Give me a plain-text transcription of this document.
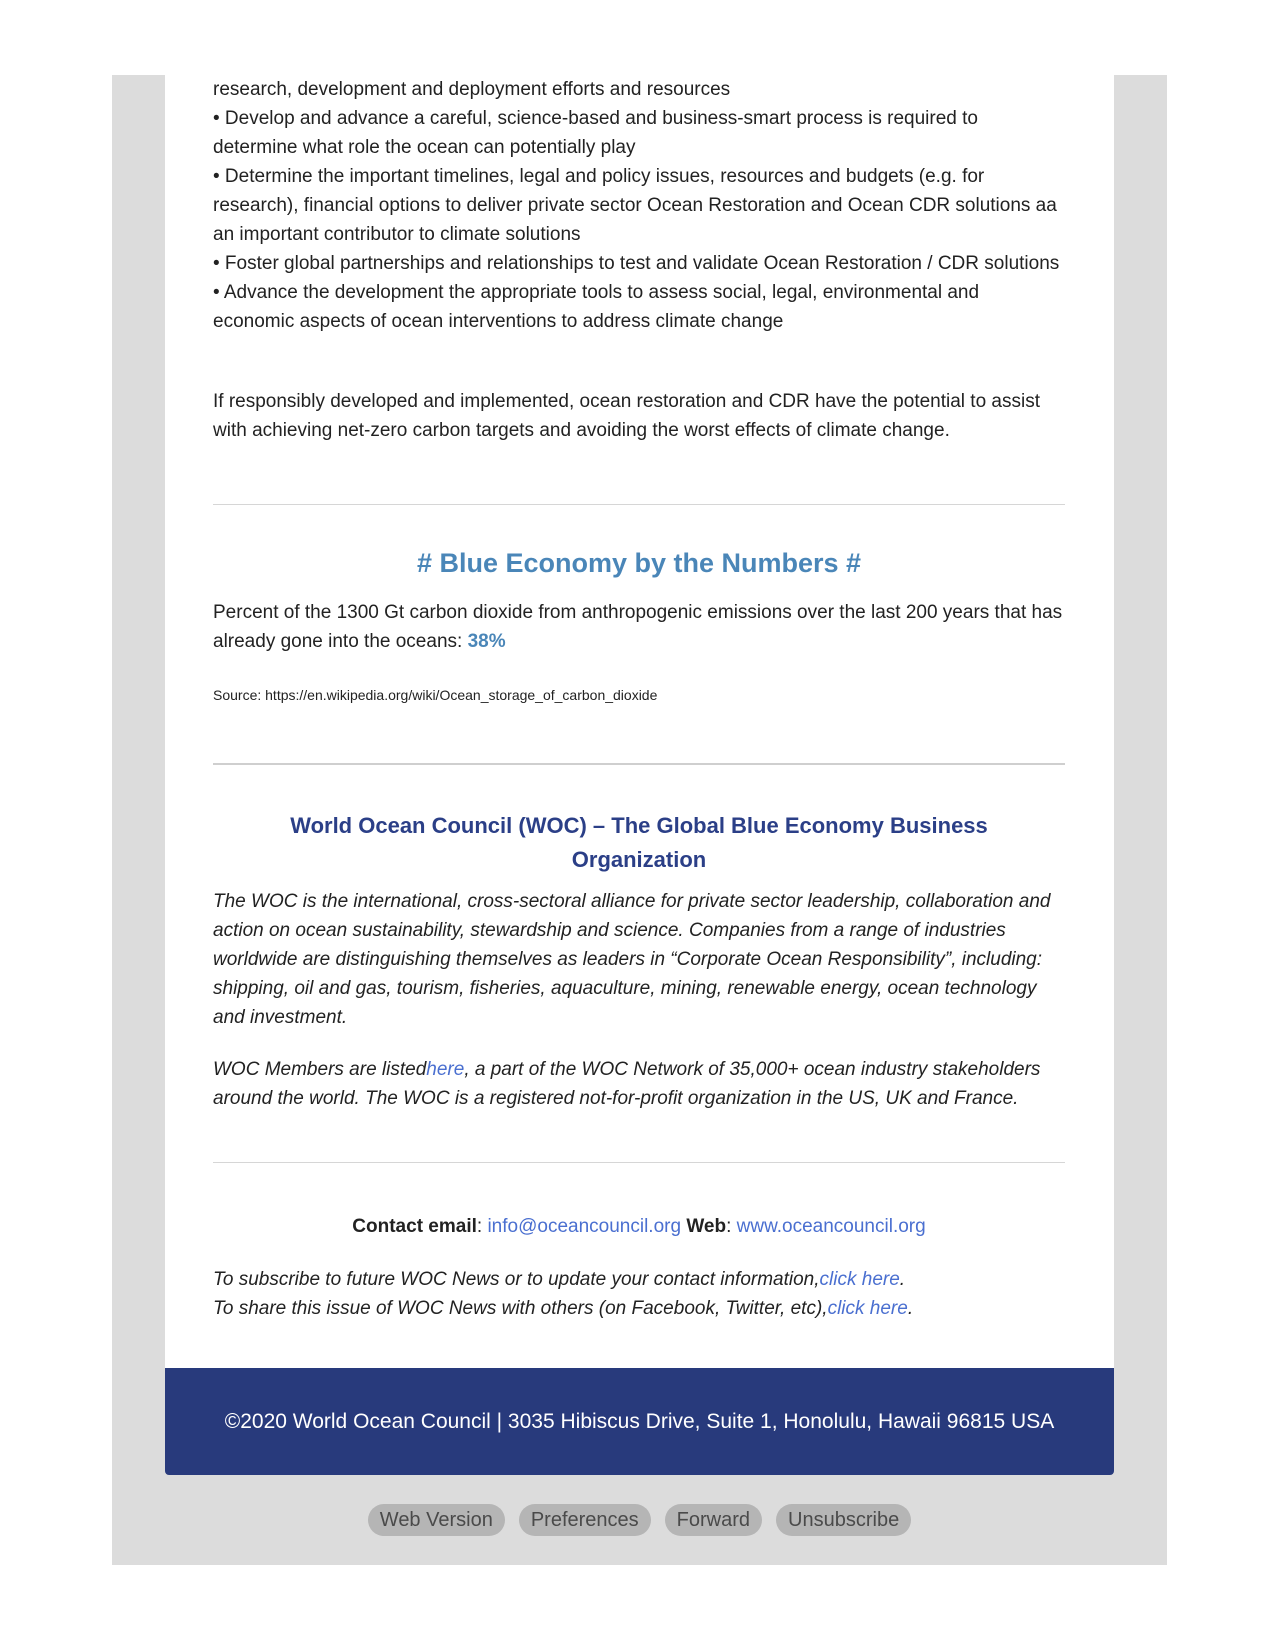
research, development and deployment efforts and resources

• Develop and advance a careful, science-based and business-smart process is required to determine what role the ocean can potentially play

• Determine the important timelines, legal and policy issues, resources and budgets (e.g. for research), financial options to deliver private sector Ocean Restoration and Ocean CDR solutions aa an important contributor to climate solutions

• Foster global partnerships and relationships to test and validate Ocean Restoration / CDR solutions

• Advance the development the appropriate tools to assess social, legal, environmental and economic aspects of ocean interventions to address climate change

If responsibly developed and implemented, ocean restoration and CDR have the potential to assist with achieving net-zero carbon targets and avoiding the worst effects of climate change.

# Blue Economy by the Numbers #

Percent of the 1300 Gt carbon dioxide from anthropogenic emissions over the last 200 years that has already gone into the oceans: 38%

Source: https://en.wikipedia.org/wiki/Ocean_storage_of_carbon_dioxide

World Ocean Council (WOC) – The Global Blue Economy Business
Organization

The WOC is the international, cross-sectoral alliance for private sector leadership, collaboration and action on ocean sustainability, stewardship and science. Companies from a range of industries worldwide are distinguishing themselves as leaders in “Corporate Ocean Responsibility”, including: shipping, oil and gas, tourism, fisheries, aquaculture, mining, renewable energy, ocean technology and investment.

WOC Members are listedhere, a part of the WOC Network of 35,000+ ocean industry stakeholders around the world. The WOC is a registered not-for-profit organization in the US, UK and France.

Contact email: info@oceancouncil.org Web: www.oceancouncil.org

To subscribe to future WOC News or to update your contact information,click here.

To share this issue of WOC News with others (on Facebook, Twitter, etc),click here.

©2020 World Ocean Council | 3035 Hibiscus Drive, Suite 1, Honolulu, Hawaii 96815 USA
Web Version	Preferences	Forward	Unsubscribe
